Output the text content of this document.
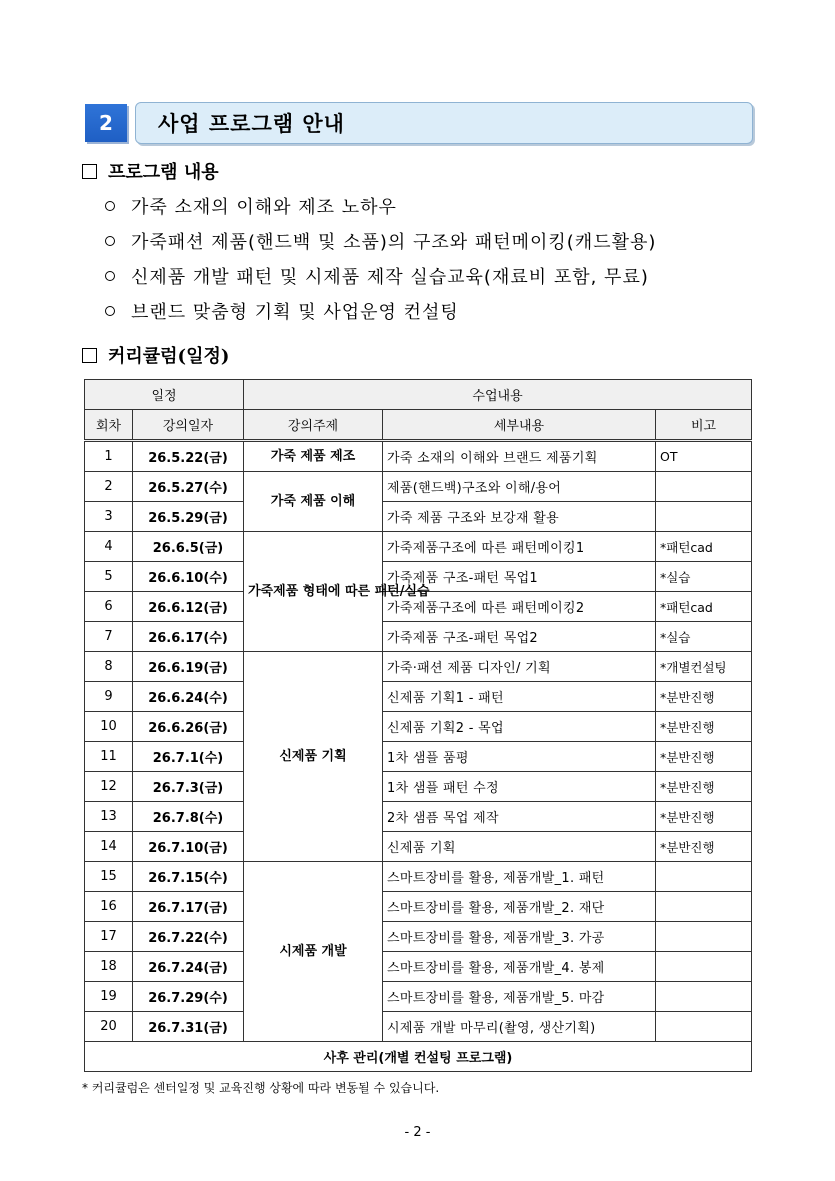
2	사업 프로그램 안내
프로그램 내용
가죽 소재의 이해와 제조 노하우
가죽패션 제품(핸드백 및 소품)의 구조와 패턴메이킹(캐드활용)
신제품 개발 패턴 및 시제품 제작 실습교육(재료비 포함, 무료)
브랜드 맞춤형 기획 및 사업운영 컨설팅
커리큘럼(일정)
일정		수업내용		
회차	강의일자	강의주제	세부내용	비고
1	26.5.22(금)	가죽 제품 제조	가죽 소재의 이해와 브랜드 제품기획	OT
2	26.5.27(수)	가죽 제품 이해	제품(핸드백)구조와 이해/용어	
3	26.5.29(금)		가죽 제품 구조와 보강재 활용	
4	26.6.5(금)	가죽제품 형태에 따른 패턴/실습	가죽제품구조에 따른 패턴메이킹1	*패턴cad
5	26.6.10(수)		가죽제품 구조-패턴 목업1	*실습
6	26.6.12(금)		가죽제품구조에 따른 패턴메이킹2	*패턴cad
7	26.6.17(수)		가죽제품 구조-패턴 목업2	*실습
8	26.6.19(금)	신제품 기획	가죽·패션 제품 디자인/ 기획	*개별컨설팅
9	26.6.24(수)		신제품 기획1 - 패턴	*분반진행
10	26.6.26(금)		신제품 기획2 - 목업	*분반진행
11	26.7.1(수)		1차 샘플 품평	*분반진행
12	26.7.3(금)		1차 샘플 패턴 수정	*분반진행
13	26.7.8(수)		2차 샘픔 목업 제작	*분반진행
14	26.7.10(금)		신제품 기획	*분반진행
15	26.7.15(수)	시제품 개발	스마트장비를 활용, 제품개발_1. 패턴	
16	26.7.17(금)		스마트장비를 활용, 제품개발_2. 재단	
17	26.7.22(수)		스마트장비를 활용, 제품개발_3. 가공	
18	26.7.24(금)		스마트장비를 활용, 제품개발_4. 봉제	
19	26.7.29(수)		스마트장비를 활용, 제품개발_5. 마감	
20	26.7.31(금)		시제품 개발 마무리(촬영, 생산기획)	
사후 관리(개별 컨설팅 프로그램)				
* 커리큘럼은 센터일정 및 교육진행 상황에 따라 변동될 수 있습니다.
- 2 -
